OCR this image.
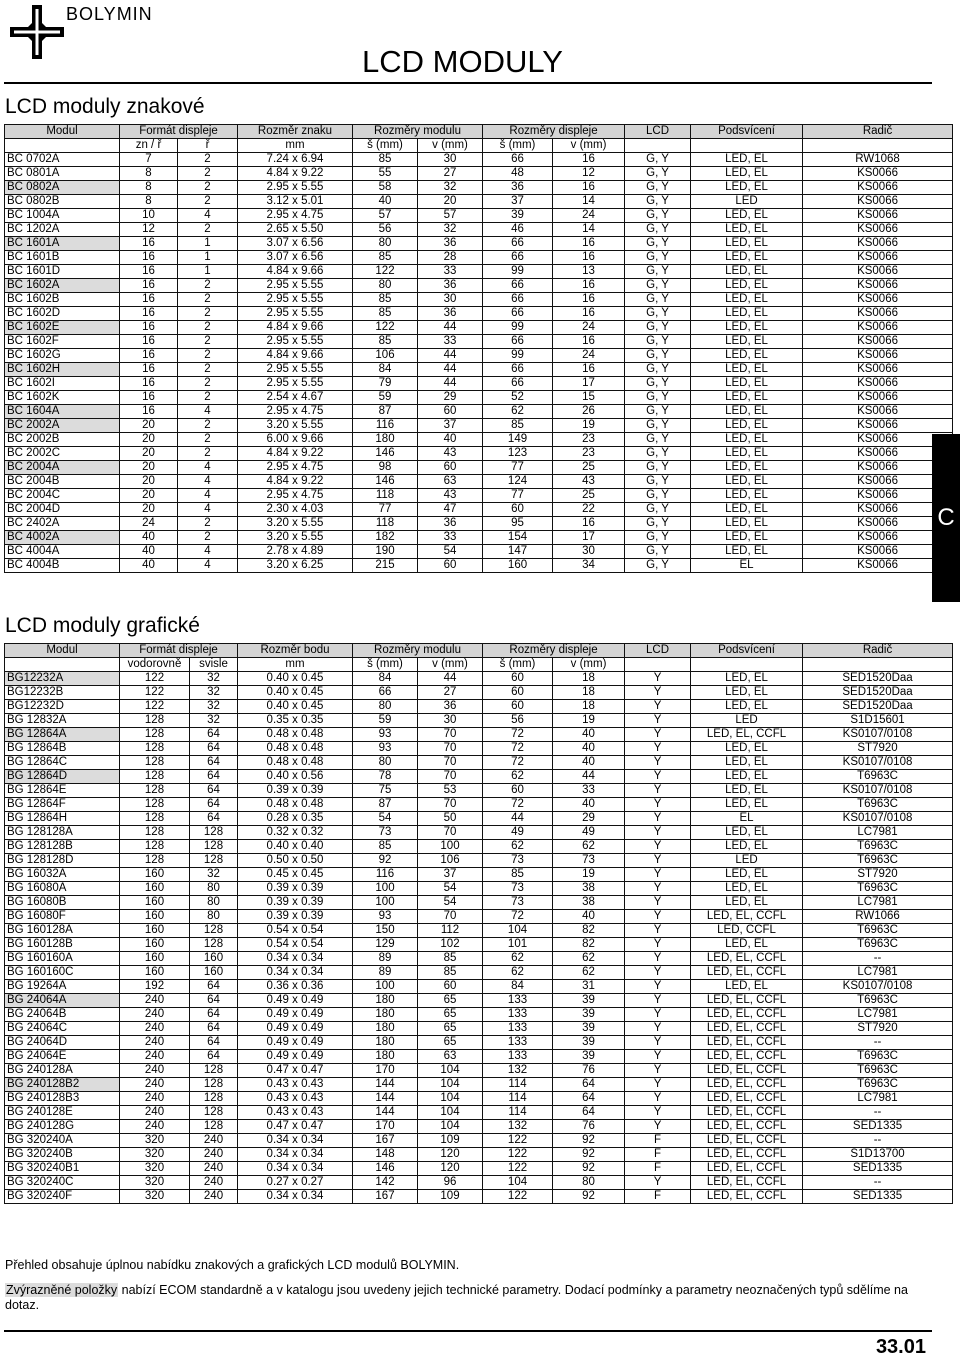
BOLYMIN
LCD MODULY
LCD moduly znakové
Modul	Formát displeje		Rozměr znaku	Rozměry modulu		Rozměry displeje		LCD	Podsvícení	Řadič
	zn / ř	ř	mm	š (mm)	v (mm)	š (mm)	v (mm)			
BC 0702A	7	2	7.24 x 6.94	85	30	66	16	G, Y	LED, EL	RW1068
BC 0801A	8	2	4.84 x 9.22	55	27	48	12	G, Y	LED, EL	KS0066
BC 0802A	8	2	2.95 x 5.55	58	32	36	16	G, Y	LED, EL	KS0066
BC 0802B	8	2	3.12 x 5.01	40	20	37	14	G, Y	LED	KS0066
BC 1004A	10	4	2.95 x 4.75	57	57	39	24	G, Y	LED, EL	KS0066
BC 1202A	12	2	2.65 x 5.50	56	32	46	14	G, Y	LED, EL	KS0066
BC 1601A	16	1	3.07 x 6.56	80	36	66	16	G, Y	LED, EL	KS0066
BC 1601B	16	1	3.07 x 6.56	85	28	66	16	G, Y	LED, EL	KS0066
BC 1601D	16	1	4.84 x 9.66	122	33	99	13	G, Y	LED, EL	KS0066
BC 1602A	16	2	2.95 x 5.55	80	36	66	16	G, Y	LED, EL	KS0066
BC 1602B	16	2	2.95 x 5.55	85	30	66	16	G, Y	LED, EL	KS0066
BC 1602D	16	2	2.95 x 5.55	85	36	66	16	G, Y	LED, EL	KS0066
BC 1602E	16	2	4.84 x 9.66	122	44	99	24	G, Y	LED, EL	KS0066
BC 1602F	16	2	2.95 x 5.55	85	33	66	16	G, Y	LED, EL	KS0066
BC 1602G	16	2	4.84 x 9.66	106	44	99	24	G, Y	LED, EL	KS0066
BC 1602H	16	2	2.95 x 5.55	84	44	66	16	G, Y	LED, EL	KS0066
BC 1602I	16	2	2.95 x 5.55	79	44	66	17	G, Y	LED, EL	KS0066
BC 1602K	16	2	2.54 x 4.67	59	29	52	15	G, Y	LED, EL	KS0066
BC 1604A	16	4	2.95 x 4.75	87	60	62	26	G, Y	LED, EL	KS0066
BC 2002A	20	2	3.20 x 5.55	116	37	85	19	G, Y	LED, EL	KS0066
BC 2002B	20	2	6.00 x 9.66	180	40	149	23	G, Y	LED, EL	KS0066
BC 2002C	20	2	4.84 x 9.22	146	43	123	23	G, Y	LED, EL	KS0066
BC 2004A	20	4	2.95 x 4.75	98	60	77	25	G, Y	LED, EL	KS0066
BC 2004B	20	4	4.84 x 9.22	146	63	124	43	G, Y	LED, EL	KS0066
BC 2004C	20	4	2.95 x 4.75	118	43	77	25	G, Y	LED, EL	KS0066
BC 2004D	20	4	2.30 x 4.03	77	47	60	22	G, Y	LED, EL	KS0066
BC 2402A	24	2	3.20 x 5.55	118	36	95	16	G, Y	LED, EL	KS0066
BC 4002A	40	2	3.20 x 5.55	182	33	154	17	G, Y	LED, EL	KS0066
BC 4004A	40	4	2.78 x 4.89	190	54	147	30	G, Y	LED, EL	KS0066
BC 4004B	40	4	3.20 x 6.25	215	60	160	34	G, Y	EL	KS0066
LCD moduly grafické
Modul	Formát displeje		Rozměr bodu	Rozměry modulu		Rozměry displeje		LCD	Podsvícení	Řadič
	vodorovně	svisle	mm	š (mm)	v (mm)	š (mm)	v (mm)			
BG12232A	122	32	0.40 x 0.45	84	44	60	18	Y	LED, EL	SED1520Daa
BG12232B	122	32	0.40 x 0.45	66	27	60	18	Y	LED, EL	SED1520Daa
BG12232D	122	32	0.40 x 0.45	80	36	60	18	Y	LED, EL	SED1520Daa
BG 12832A	128	32	0.35 x 0.35	59	30	56	19	Y	LED	S1D15601
BG 12864A	128	64	0.48 x 0.48	93	70	72	40	Y	LED, EL, CCFL	KS0107/0108
BG 12864B	128	64	0.48 x 0.48	93	70	72	40	Y	LED, EL	ST7920
BG 12864C	128	64	0.48 x 0.48	80	70	72	40	Y	LED, EL	KS0107/0108
BG 12864D	128	64	0.40 x 0.56	78	70	62	44	Y	LED, EL	T6963C
BG 12864E	128	64	0.39 x 0.39	75	53	60	33	Y	LED, EL	KS0107/0108
BG 12864F	128	64	0.48 x 0.48	87	70	72	40	Y	LED, EL	T6963C
BG 12864H	128	64	0.28 x 0.35	54	50	44	29	Y	EL	KS0107/0108
BG 128128A	128	128	0.32 x 0.32	73	70	49	49	Y	LED, EL	LC7981
BG 128128B	128	128	0.40 x 0.40	85	100	62	62	Y	LED, EL	T6963C
BG 128128D	128	128	0.50 x 0.50	92	106	73	73	Y	LED	T6963C
BG 16032A	160	32	0.45 x 0.45	116	37	85	19	Y	LED, EL	ST7920
BG 16080A	160	80	0.39 x 0.39	100	54	73	38	Y	LED, EL	T6963C
BG 16080B	160	80	0.39 x 0.39	100	54	73	38	Y	LED, EL	LC7981
BG 16080F	160	80	0.39 x 0.39	93	70	72	40	Y	LED, EL, CCFL	RW1066
BG 160128A	160	128	0.54 x 0.54	150	112	104	82	Y	LED, CCFL	T6963C
BG 160128B	160	128	0.54 x 0.54	129	102	101	82	Y	LED, EL	T6963C
BG 160160A	160	160	0.34 x 0.34	89	85	62	62	Y	LED, EL, CCFL	--
BG 160160C	160	160	0.34 x 0.34	89	85	62	62	Y	LED, EL, CCFL	LC7981
BG 19264A	192	64	0.36 x 0.36	100	60	84	31	Y	LED, EL	KS0107/0108
BG 24064A	240	64	0.49 x 0.49	180	65	133	39	Y	LED, EL, CCFL	T6963C
BG 24064B	240	64	0.49 x 0.49	180	65	133	39	Y	LED, EL, CCFL	LC7981
BG 24064C	240	64	0.49 x 0.49	180	65	133	39	Y	LED, EL, CCFL	ST7920
BG 24064D	240	64	0.49 x 0.49	180	65	133	39	Y	LED, EL, CCFL	--
BG 24064E	240	64	0.49 x 0.49	180	63	133	39	Y	LED, EL, CCFL	T6963C
BG 240128A	240	128	0.47 x 0.47	170	104	132	76	Y	LED, EL, CCFL	T6963C
BG 240128B2	240	128	0.43 x 0.43	144	104	114	64	Y	LED, EL, CCFL	T6963C
BG 240128B3	240	128	0.43 x 0.43	144	104	114	64	Y	LED, EL, CCFL	LC7981
BG 240128E	240	128	0.43 x 0.43	144	104	114	64	Y	LED, EL, CCFL	--
BG 240128G	240	128	0.47 x 0.47	170	104	132	76	Y	LED, EL, CCFL	SED1335
BG 320240A	320	240	0.34 x 0.34	167	109	122	92	F	LED, EL, CCFL	--
BG 320240B	320	240	0.34 x 0.34	148	120	122	92	F	LED, EL, CCFL	S1D13700
BG 320240B1	320	240	0.34 x 0.34	146	120	122	92	F	LED, EL, CCFL	SED1335
BG 320240C	320	240	0.27 x 0.27	142	96	104	80	Y	LED, EL, CCFL	--
BG 320240F	320	240	0.34 x 0.34	167	109	122	92	F	LED, EL, CCFL	SED1335
C
Přehled obsahuje úplnou nabídku znakových a grafických LCD modulů BOLYMIN.
Zvýrazněné položky nabízí ECOM standardně a v katalogu jsou uvedeny jejich technické parametry. Dodací podmínky a parametry neoznačených typů sdělíme na dotaz.
33.01
